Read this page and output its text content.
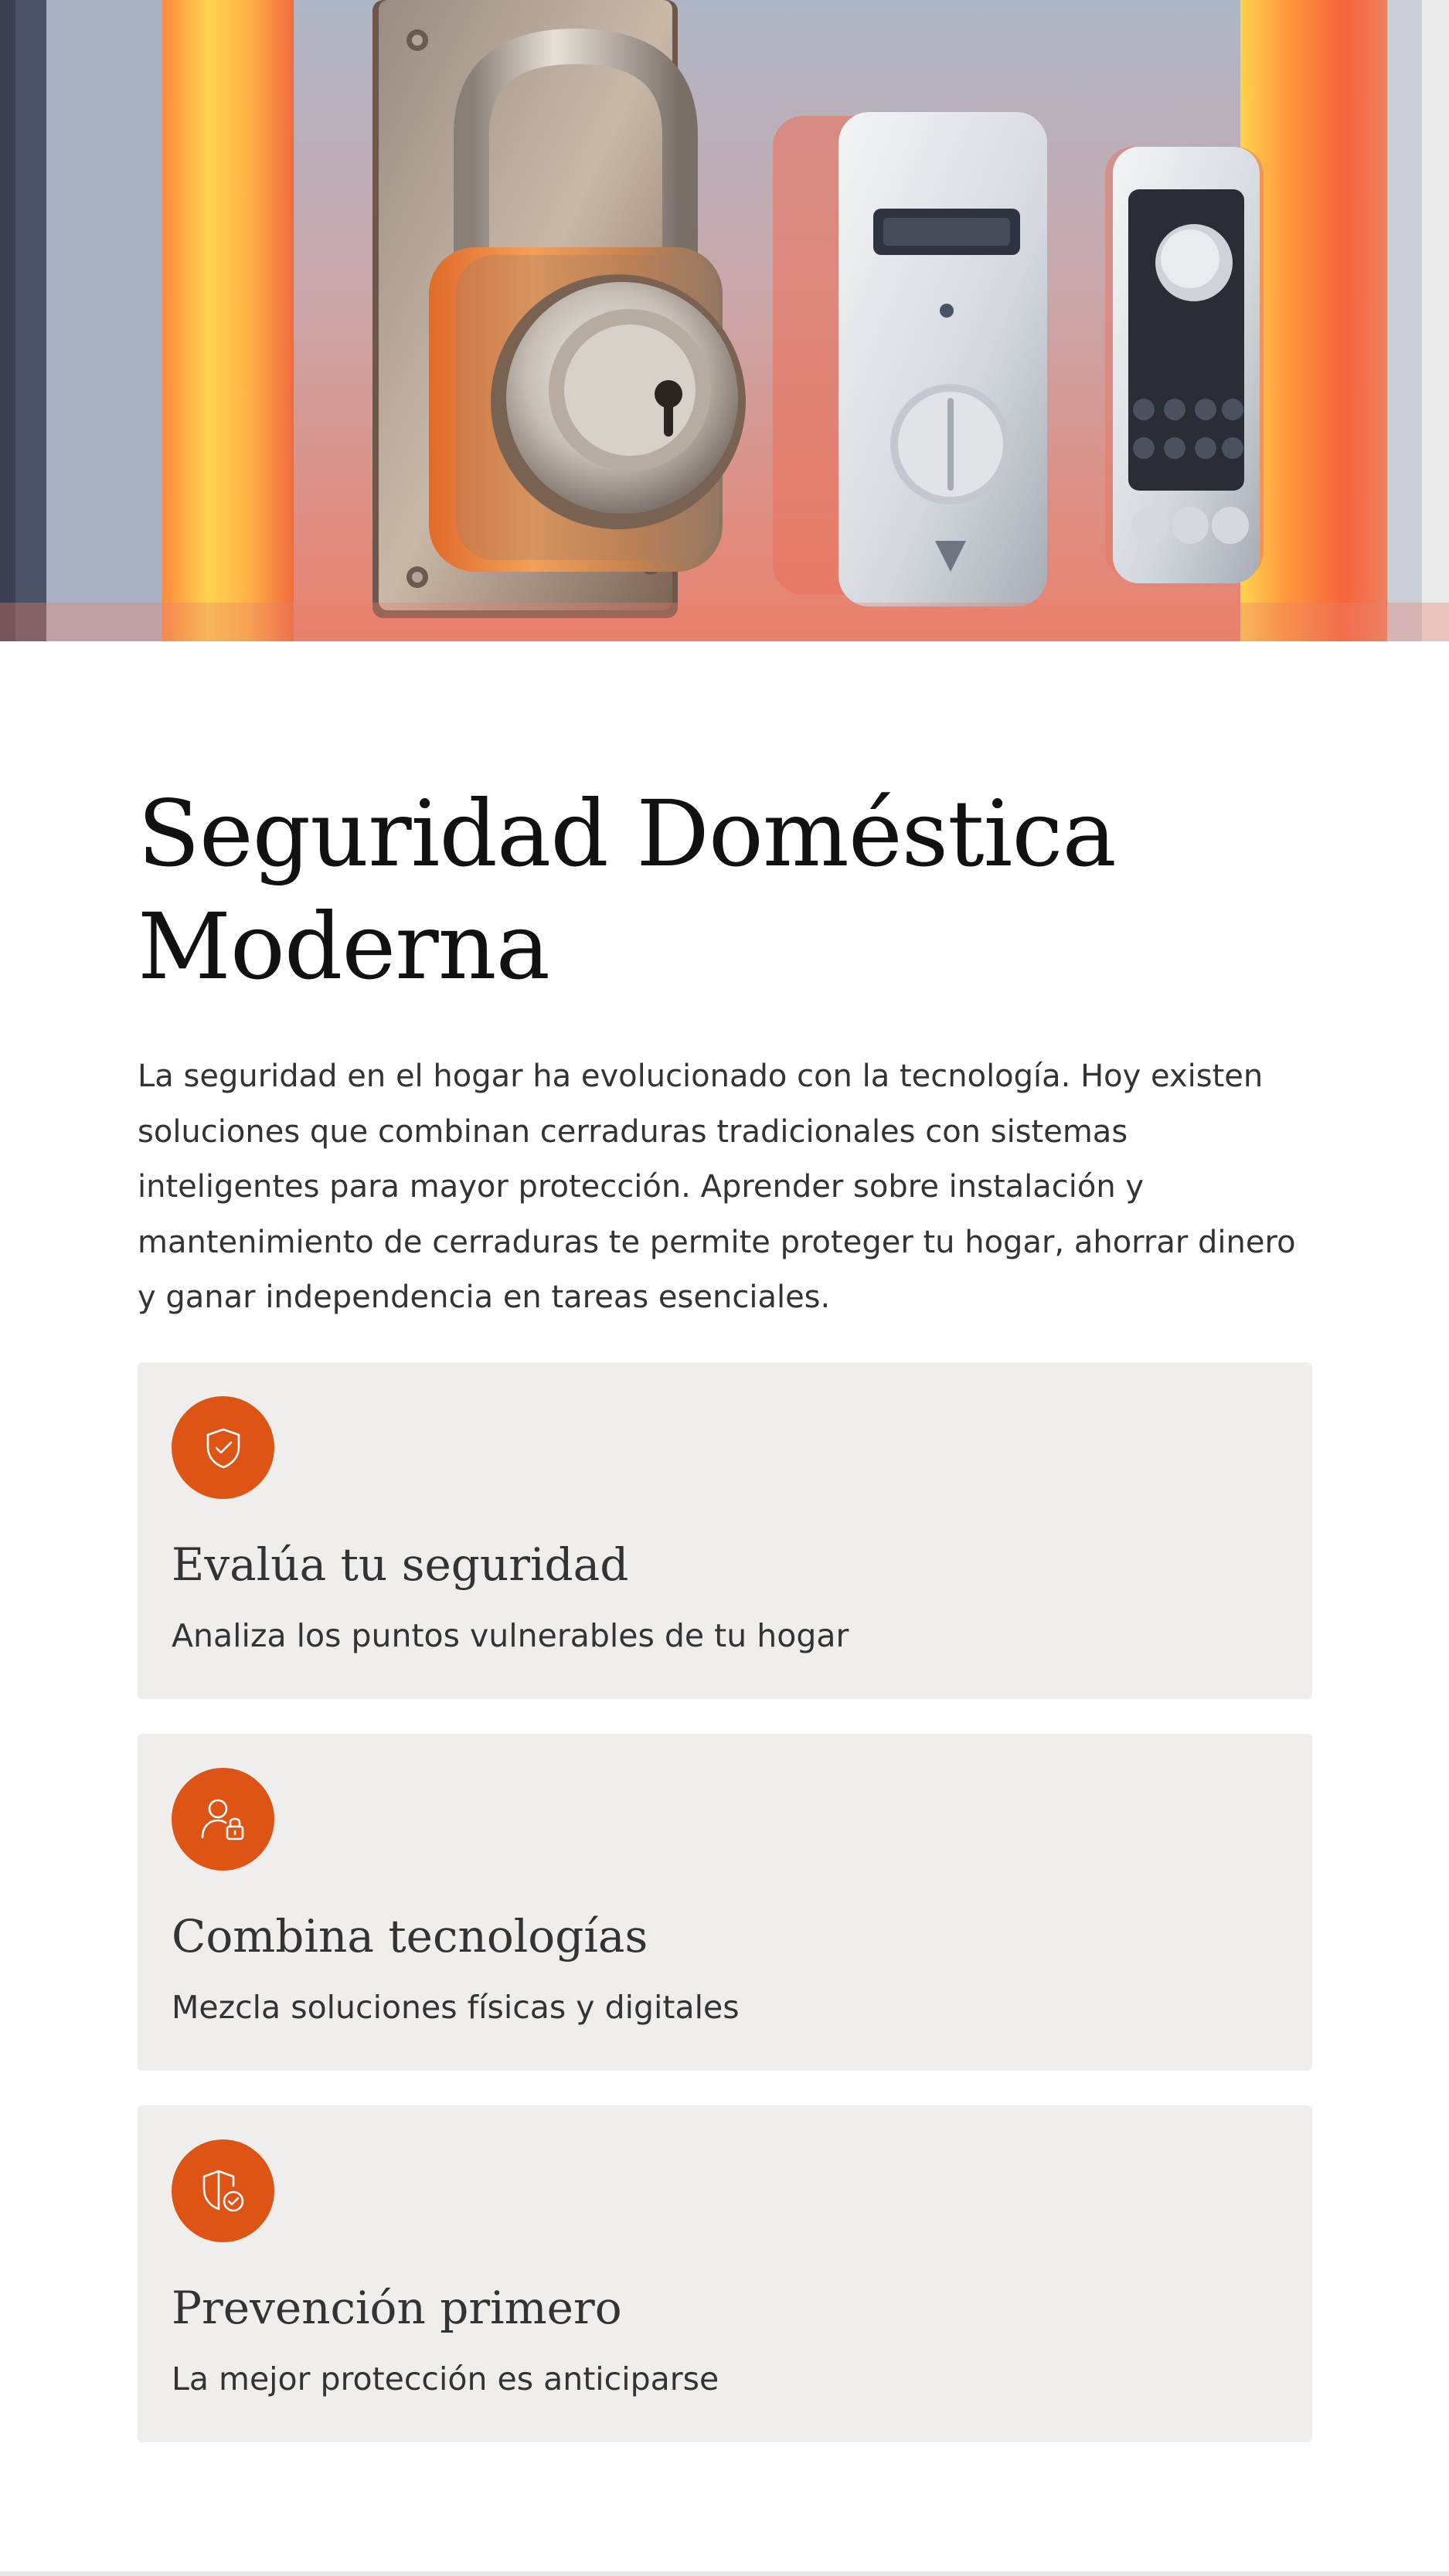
Seguridad Doméstica Moderna

La seguridad en el hogar ha evolucionado con la tecnología. Hoy existen soluciones que combinan cerraduras tradicionales con sistemas inteligentes para mayor protección. Aprender sobre instalación y mantenimiento de cerraduras te permite proteger tu hogar, ahorrar dinero y ganar independencia en tareas esenciales.

Evalúa tu seguridad

Analiza los puntos vulnerables de tu hogar

Combina tecnologías

Mezcla soluciones físicas y digitales

Prevención primero

La mejor protección es anticiparse
